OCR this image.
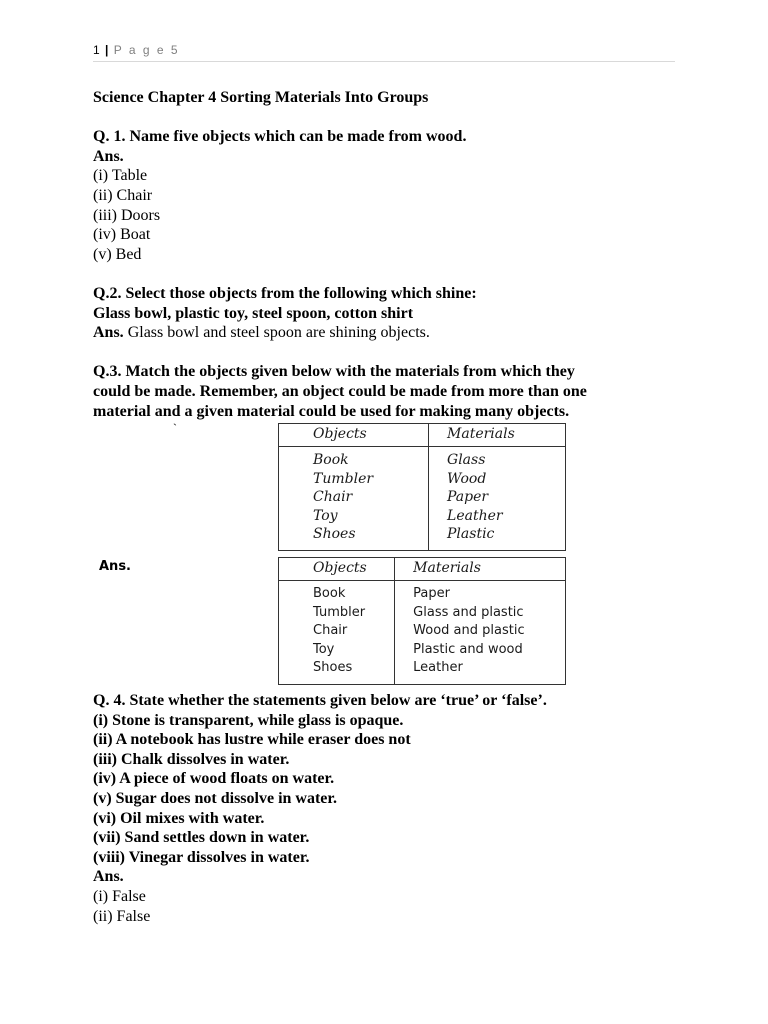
1 | P a g e 5
Science Chapter 4 Sorting Materials Into Groups
Q. 1. Name five objects which can be made from wood.
Ans.
(i) Table
(ii) Chair
(iii) Doors
(iv) Boat
(v) Bed
Q.2. Select those objects from the following which shine:
Glass bowl, plastic toy, steel spoon, cotton shirt
Ans. Glass bowl and steel spoon are shining objects.
Q.3. Match the objects given below with the materials from which they
could be made. Remember, an object could be made from more than one
material and a given material could be used for making many objects.
`	Objects	Materials
Book	Glass
Tumbler	Wood
Chair	Paper
Toy	Leather
Shoes	Plastic
Ans.	Objects	Materials
Book	Paper
Tumbler	Glass and plastic
Chair	Wood and plastic
Toy	Plastic and wood
Shoes	Leather
Q. 4. State whether the statements given below are ‘true’ or ‘false’.
(i) Stone is transparent, while glass is opaque.
(ii) A notebook has lustre while eraser does not
(iii) Chalk dissolves in water.
(iv) A piece of wood floats on water.
(v) Sugar does not dissolve in water.
(vi) Oil mixes with water.
(vii) Sand settles down in water.
(viii) Vinegar dissolves in water.
Ans.
(i) False
(ii) False
